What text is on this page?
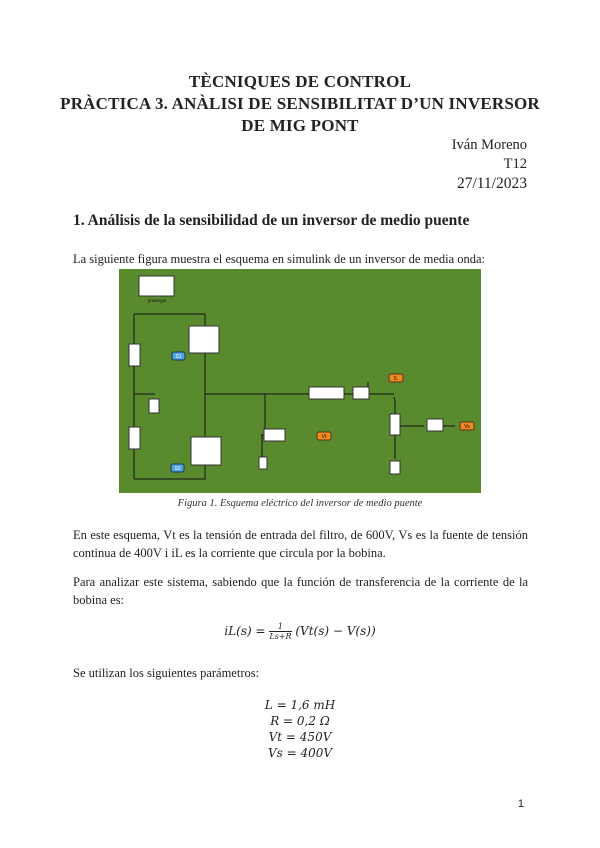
TÈCNIQUES DE CONTROL
PRÀCTICA 3. ANÀLISI DE SENSIBILITAT D’UN INVERSOR
DE MIG PONT
Iván Moreno
T12
27/11/2023
1. Análisis de la sensibilidad de un inversor de medio puente
La siguiente figura muestra el esquema en simulink de un inversor de media onda:
powergui
S1
S2
IL
Vt
Vs
Figura 1. Esquema eléctrico del inversor de medio puente
En este esquema, Vt es la tensión de entrada del filtro, de 600V, Vs es la fuente de tensión continua de 400V i iL es la corriente que circula por la bobina.
Para analizar este sistema, sabiendo que la función de transferencia de la corriente de la bobina es:
$iL(s) = \frac{1}{Ls+R} (Vt(s) - V(s))$
Se utilizan los siguientes parámetros:
L = 1,6 mH
R = 0,2 Ω
Vt = 450V
Vs = 400V
1
